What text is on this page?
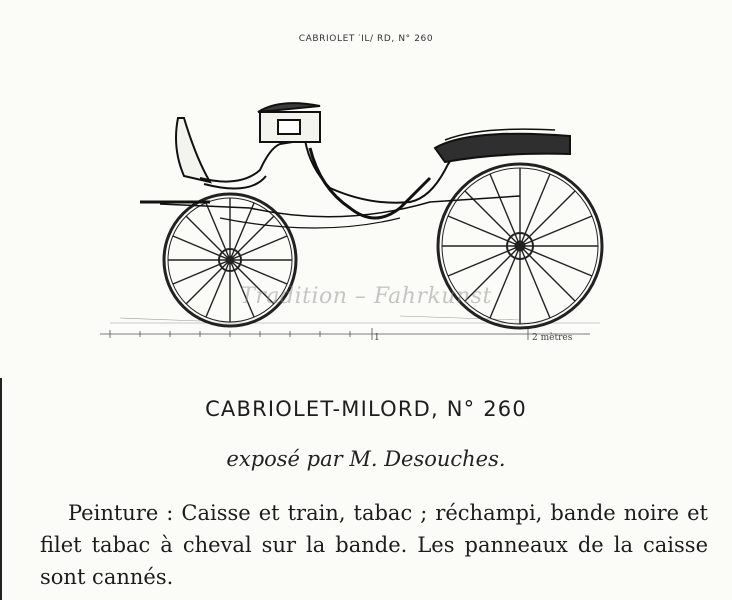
CABRIOLET ′IL/ RD, N° 260
1	2 mètres
Tradition – Fahrkunst
CABRIOLET-MILORD, N° 260
exposé par M. Desouches.
Peinture : Caisse et train, tabac ; réchampi, bande noire et filet tabac à cheval sur la bande. Les panneaux de la caisse sont cannés.
